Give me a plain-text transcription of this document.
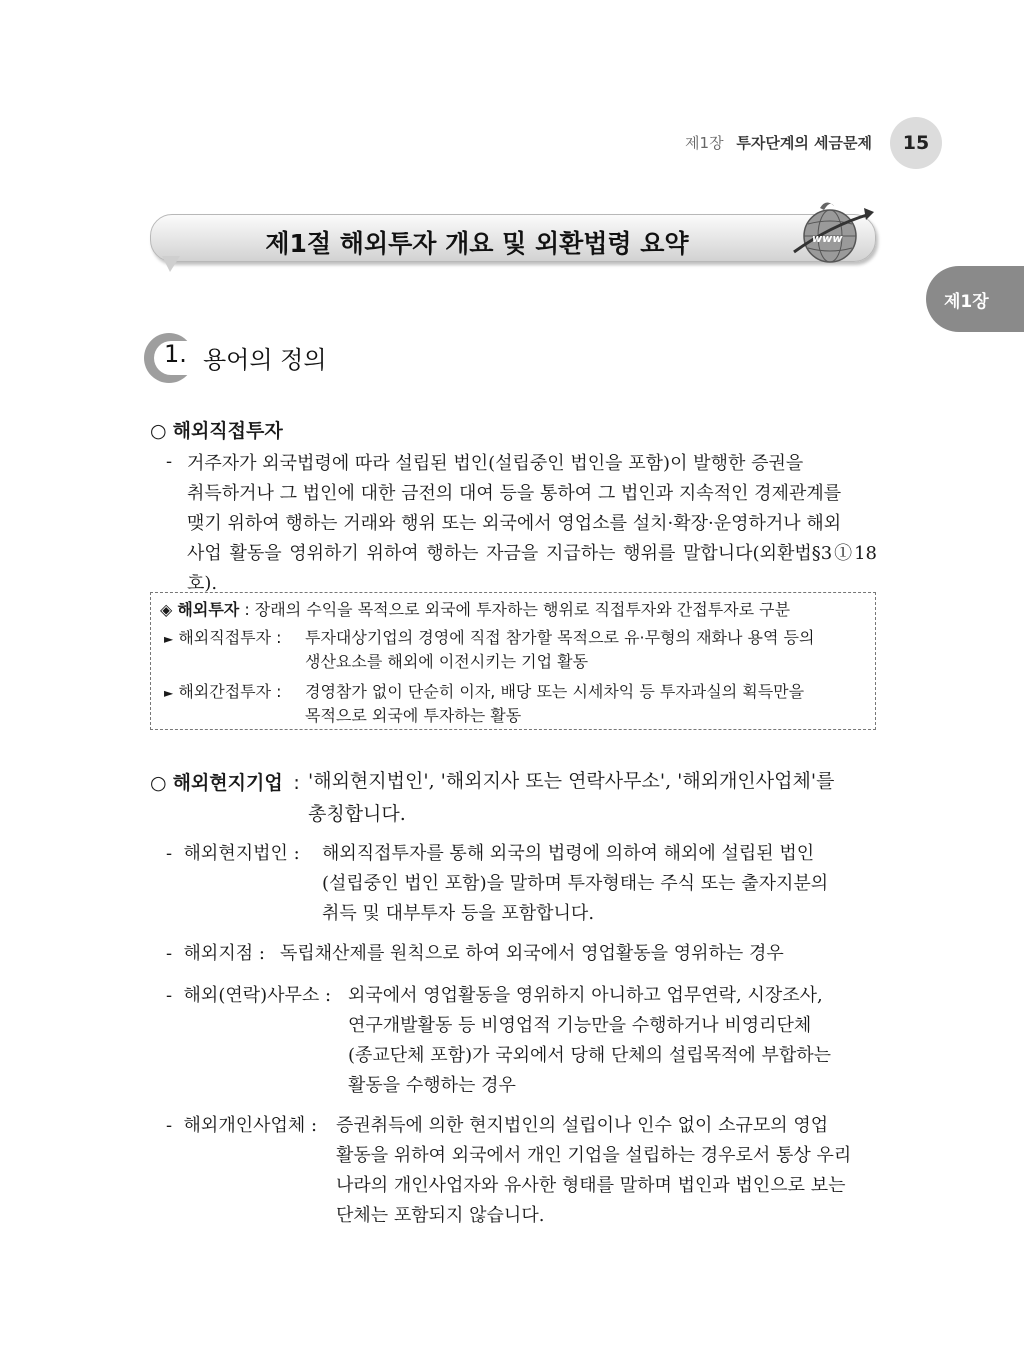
제1장 투자단계의 세금문제	15
제1절 해외투자 개요 및 외환법령 요약	www
제1장
1. 용어의 정의
○ 해외직접투자
- 거주자가 외국법령에 따라 설립된 법인(설립중인 법인을 포함)이 발행한 증권을
취득하거나 그 법인에 대한 금전의 대여 등을 통하여 그 법인과 지속적인 경제관계를
맺기 위하여 행하는 거래와 행위 또는 외국에서 영업소를 설치·확장·운영하거나 해외
사업 활동을 영위하기 위하여 행하는 자금을 지급하는 행위를 말합니다(외환법§3①18호).
◈ 해외투자 : 장래의 수익을 목적으로 외국에 투자하는 행위로 직접투자와 간접투자로 구분
► 해외직접투자 : 투자대상기업의 경영에 직접 참가할 목적으로 유·무형의 재화나 용역 등의
생산요소를 해외에 이전시키는 기업 활동
► 해외간접투자 : 경영참가 없이 단순히 이자, 배당 또는 시세차익 등 투자과실의 획득만을
목적으로 외국에 투자하는 활동
○ 해외현지기업 : '해외현지법인', '해외지사 또는 연락사무소', '해외개인사업체'를
총칭합니다.
- 해외현지법인 : 해외직접투자를 통해 외국의 법령에 의하여 해외에 설립된 법인
(설립중인 법인 포함)을 말하며 투자형태는 주식 또는 출자지분의
취득 및 대부투자 등을 포함합니다.
- 해외지점 : 독립채산제를 원칙으로 하여 외국에서 영업활동을 영위하는 경우
- 해외(연락)사무소 : 외국에서 영업활동을 영위하지 아니하고 업무연락, 시장조사,
연구개발활동 등 비영업적 기능만을 수행하거나 비영리단체
(종교단체 포함)가 국외에서 당해 단체의 설립목적에 부합하는
활동을 수행하는 경우
- 해외개인사업체 : 증권취득에 의한 현지법인의 설립이나 인수 없이 소규모의 영업
활동을 위하여 외국에서 개인 기업을 설립하는 경우로서 통상 우리
나라의 개인사업자와 유사한 형태를 말하며 법인과 법인으로 보는
단체는 포함되지 않습니다.
